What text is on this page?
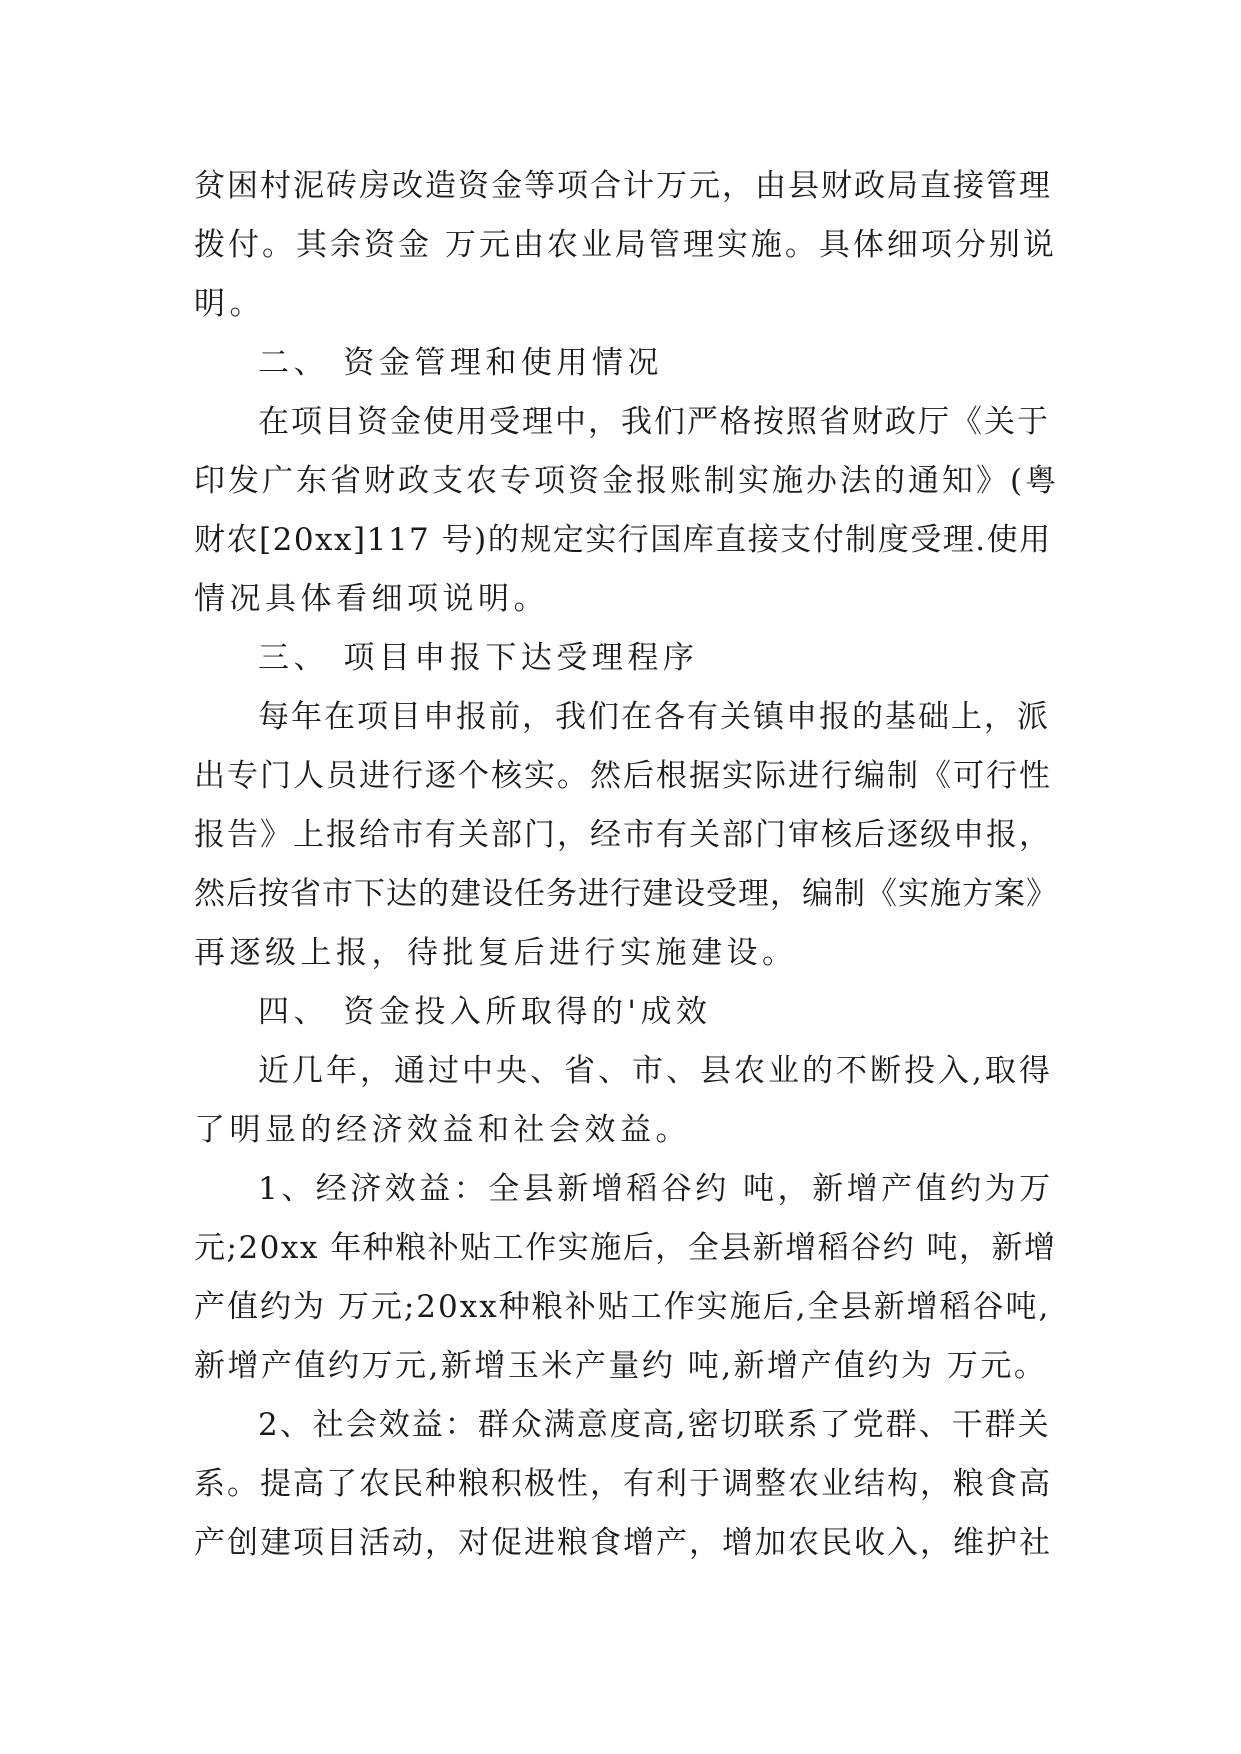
贫困村泥砖房改造资金等项合计万元，由县财政局直接管理
拨付。其余资金 万元由农业局管理实施。具体细项分别说
明。
二、 资金管理和使用情况
在项目资金使用受理中，我们严格按照省财政厅《关于
印发广东省财政支农专项资金报账制实施办法的通知》(粤
财农[20xx]117 号)的规定实行国库直接支付制度受理.使用
情况具体看细项说明。
三、 项目申报下达受理程序
每年在项目申报前，我们在各有关镇申报的基础上，派
出专门人员进行逐个核实。然后根据实际进行编制《可行性
报告》上报给市有关部门，经市有关部门审核后逐级申报，
然后按省市下达的建设任务进行建设受理，编制《实施方案》
再逐级上报，待批复后进行实施建设。
四、 资金投入所取得的'成效
近几年，通过中央、省、市、县农业的不断投入,取得
了明显的经济效益和社会效益。
1、经济效益：全县新增稻谷约 吨，新增产值约为万
元;20xx 年种粮补贴工作实施后，全县新增稻谷约 吨，新增
产值约为 万元;20xx种粮补贴工作实施后,全县新增稻谷吨,
新增产值约万元,新增玉米产量约 吨,新增产值约为 万元。
2、社会效益：群众满意度高,密切联系了党群、干群关
系。提高了农民种粮积极性，有利于调整农业结构，粮食高
产创建项目活动，对促进粮食增产，增加农民收入，维护社
